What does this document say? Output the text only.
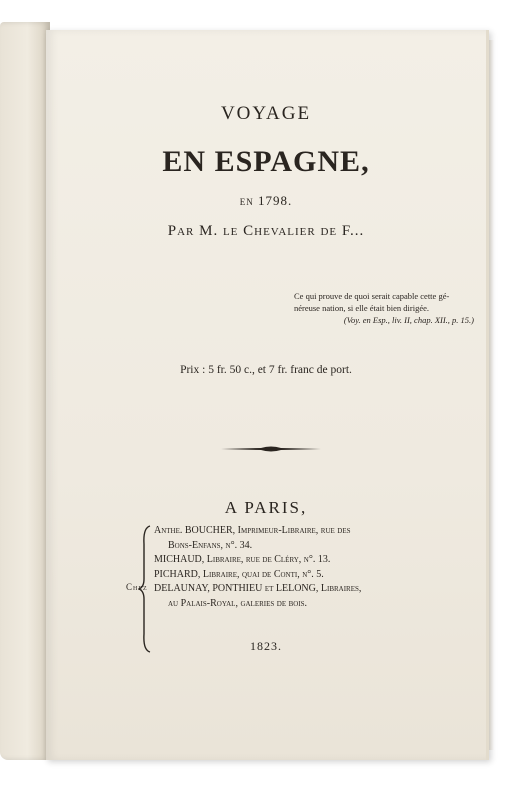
VOYAGE

EN ESPAGNE,

en 1798.

Par M. le Chevalier de F...

Ce qui prouve de quoi serait capable cette gé-

néreuse nation, si elle était bien dirigée.

(Voy. en Esp., liv. II, chap. XII., p. 15.)

Prix : 5 fr. 50 c., et 7 fr. franc de port.

A PARIS,

Chez
Anthe. BOUCHER, Imprimeur-Libraire, rue des
Bons-Enfans, n°. 34.
MICHAUD, Libraire, rue de Cléry, n°. 13.
PICHARD, Libraire, quai de Conti, n°. 5.
DELAUNAY, PONTHIEU et LELONG, Libraires,
au Palais-Royal, galeries de bois.

1823.
